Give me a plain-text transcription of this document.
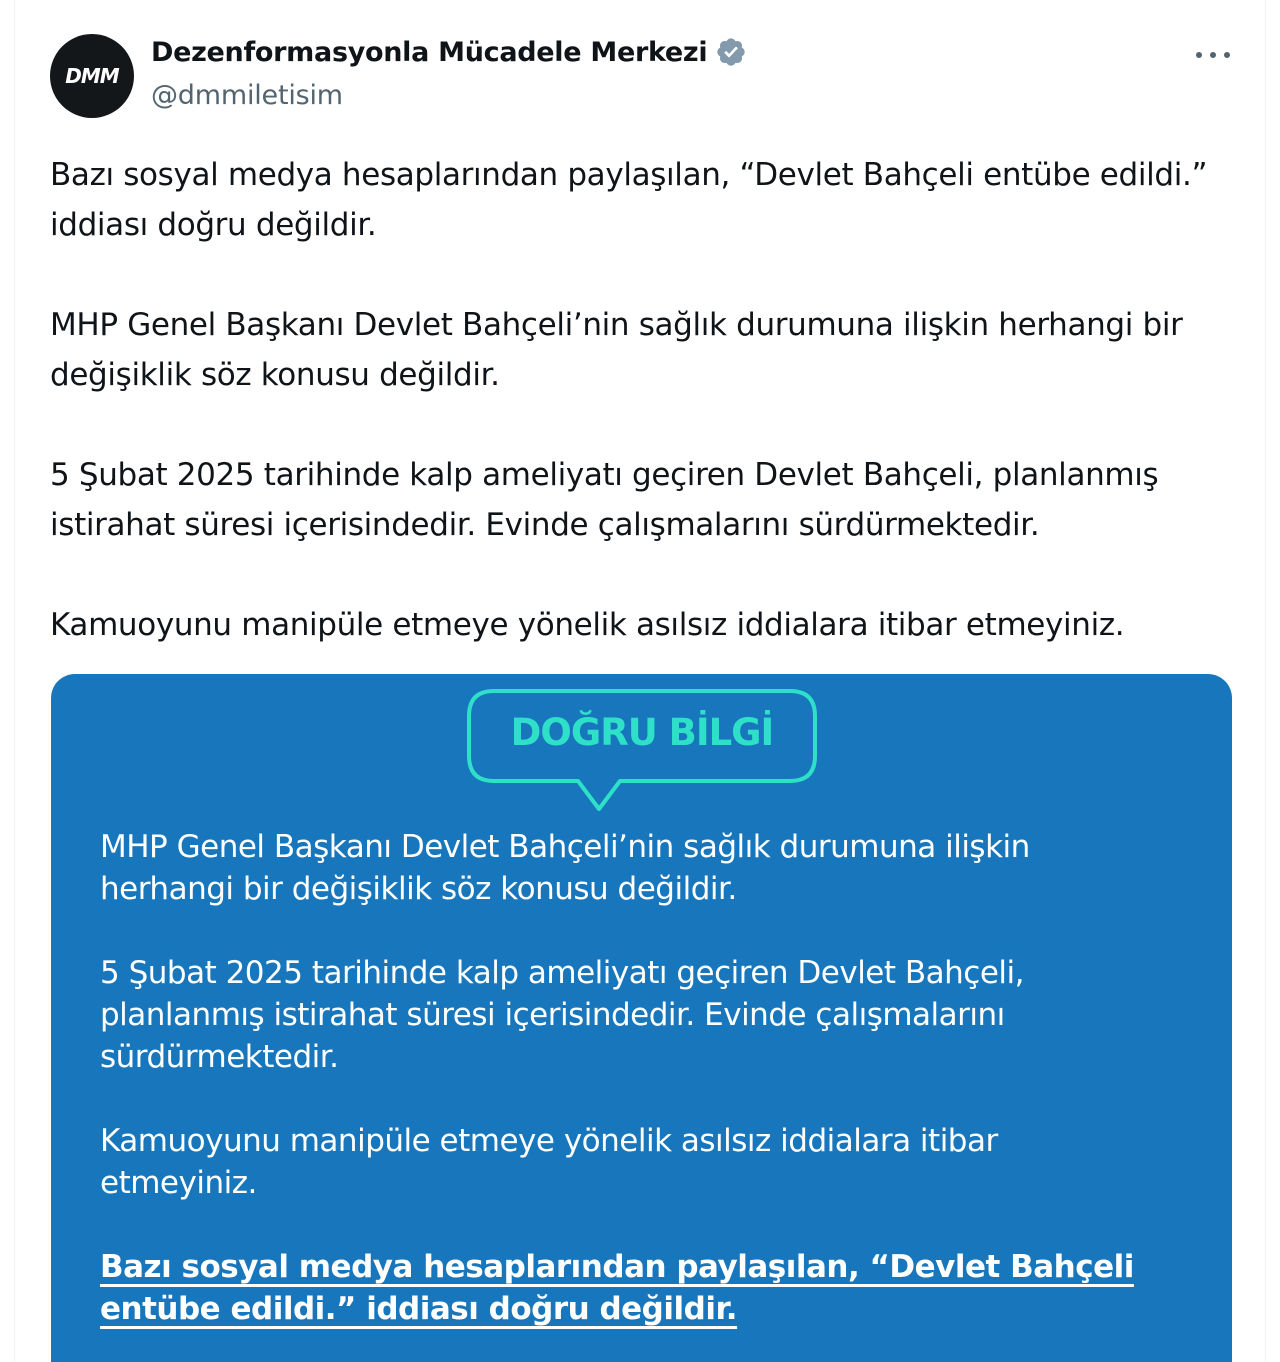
DMM
Dezenformasyonla Mücadele Merkezi
@dmmiletisim

Bazı sosyal medya hesaplarından paylaşılan, “Devlet Bahçeli entübe edildi.” iddiası doğru değildir.

MHP Genel Başkanı Devlet Bahçeli’nin sağlık durumuna ilişkin herhangi bir değişiklik söz konusu değildir.

5 Şubat 2025 tarihinde kalp ameliyatı geçiren Devlet Bahçeli, planlanmış istirahat süresi içerisindedir. Evinde çalışmalarını sürdürmektedir.

Kamuoyunu manipüle etmeye yönelik asılsız iddialara itibar etmeyiniz.

DOĞRU BİLGİ

MHP Genel Başkanı Devlet Bahçeli’nin sağlık durumuna ilişkin herhangi bir değişiklik söz konusu değildir.

5 Şubat 2025 tarihinde kalp ameliyatı geçiren Devlet Bahçeli, planlanmış istirahat süresi içerisindedir. Evinde çalışmalarını sürdürmektedir.

Kamuoyunu manipüle etmeye yönelik asılsız iddialara itibar etmeyiniz.

Bazı sosyal medya hesaplarından paylaşılan, “Devlet Bahçeli entübe edildi.” iddiası doğru değildir.
